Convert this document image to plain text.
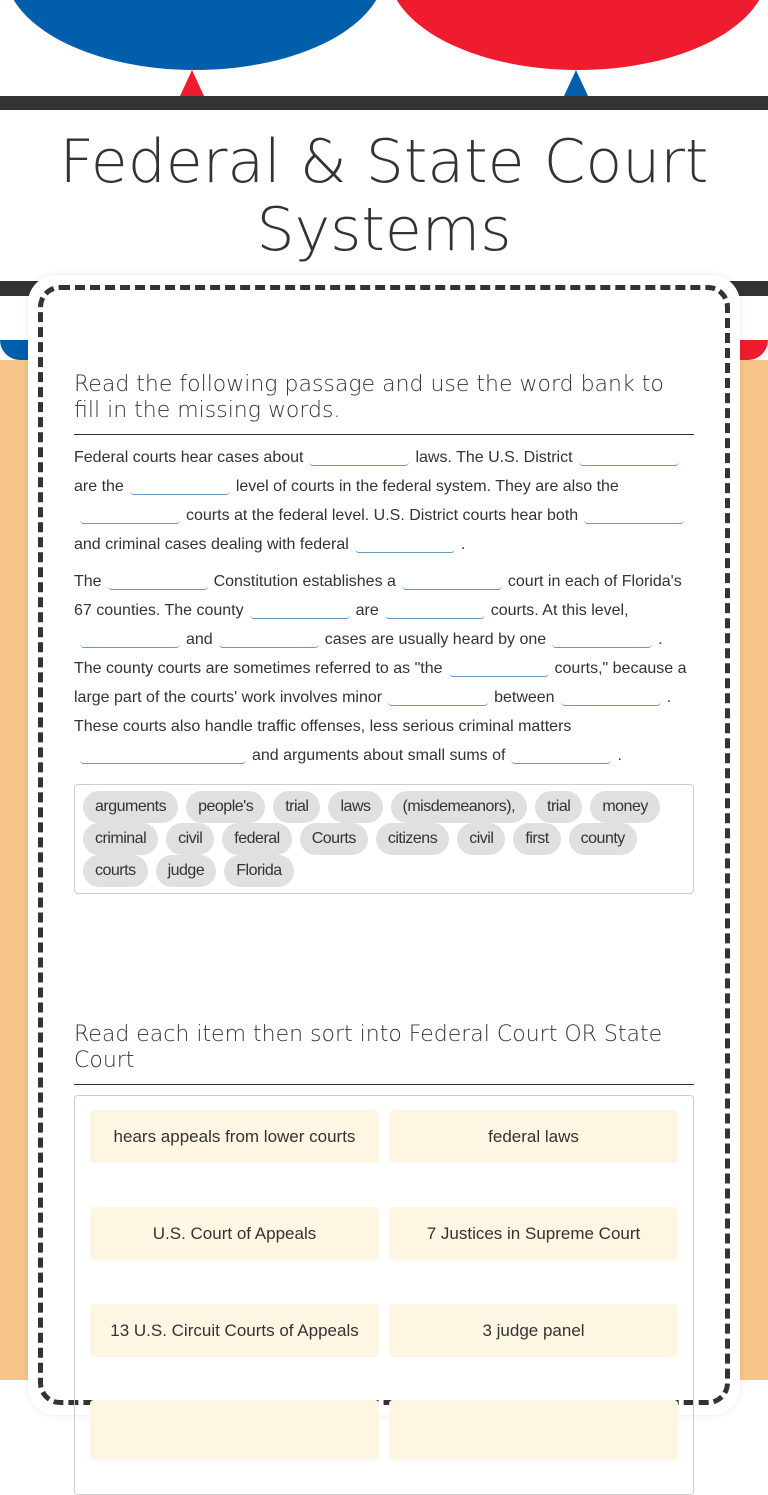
Federal & State Court Systems
Read the following passage and use the word bank to fill in the missing words.
Federal courts hear cases about	laws. The U.S. Districtare the	level of courts in the federal system. They are also thecourts at the federal level. U.S. District courts hear bothand criminal cases dealing with federal	.
The	Constitution establishes a	court in each of Florida's 67 counties. The county	are	courts. At this level,and	cases are usually heard by one	. The county courts are sometimes referred to as "the	courts," because a large part of the courts' work involves minor	between	. These courts also handle traffic offenses, less serious criminal mattersand arguments about small sums of	.
arguments	people's	trial	laws	(misdemeanors),	trial	money
criminal	civil	federal	Courts	citizens	civil	first	county
courts	judge	Florida
Read each item then sort into Federal Court OR State Court
hears appeals from lower courts	federal laws
U.S. Court of Appeals	7 Justices in Supreme Court
13 U.S. Circuit Courts of Appeals	3 judge panel
